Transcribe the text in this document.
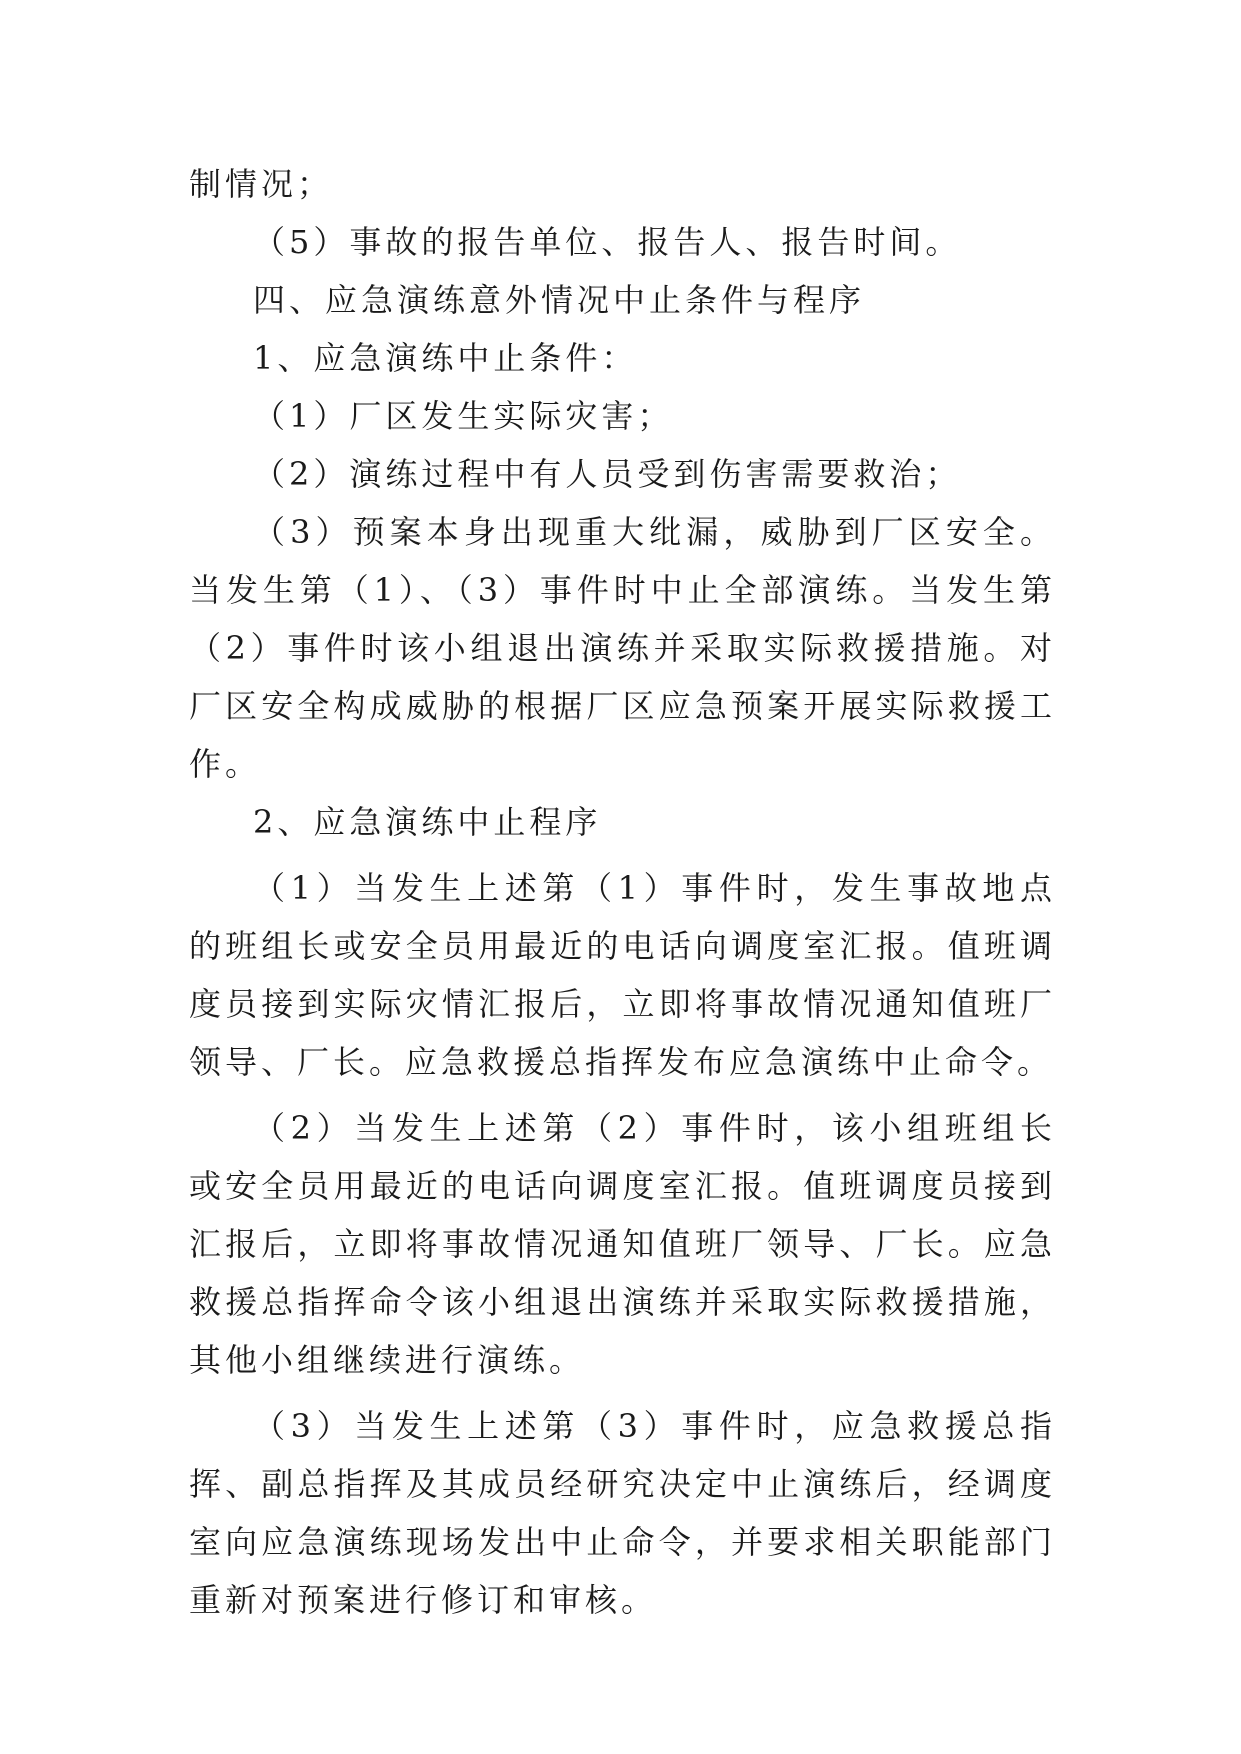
制情况；

（5）事故的报告单位、报告人、报告时间。

四、应急演练意外情况中止条件与程序

1、应急演练中止条件：

（1）厂区发生实际灾害；

（2）演练过程中有人员受到伤害需要救治；

（3）预案本身出现重大纰漏，威胁到厂区安全。当发生第（1）、（3）事件时中止全部演练。当发生第（2）事件时该小组退出演练并采取实际救援措施。对厂区安全构成威胁的根据厂区应急预案开展实际救援工作。

2、应急演练中止程序

（1）当发生上述第（1）事件时，发生事故地点的班组长或安全员用最近的电话向调度室汇报。值班调度员接到实际灾情汇报后，立即将事故情况通知值班厂领导、厂长。应急救援总指挥发布应急演练中止命令。

（2）当发生上述第（2）事件时，该小组班组长或安全员用最近的电话向调度室汇报。值班调度员接到汇报后，立即将事故情况通知值班厂领导、厂长。应急救援总指挥命令该小组退出演练并采取实际救援措施，其他小组继续进行演练。

（3）当发生上述第（3）事件时，应急救援总指挥、副总指挥及其成员经研究决定中止演练后，经调度室向应急演练现场发出中止命令，并要求相关职能部门重新对预案进行修订和审核。
